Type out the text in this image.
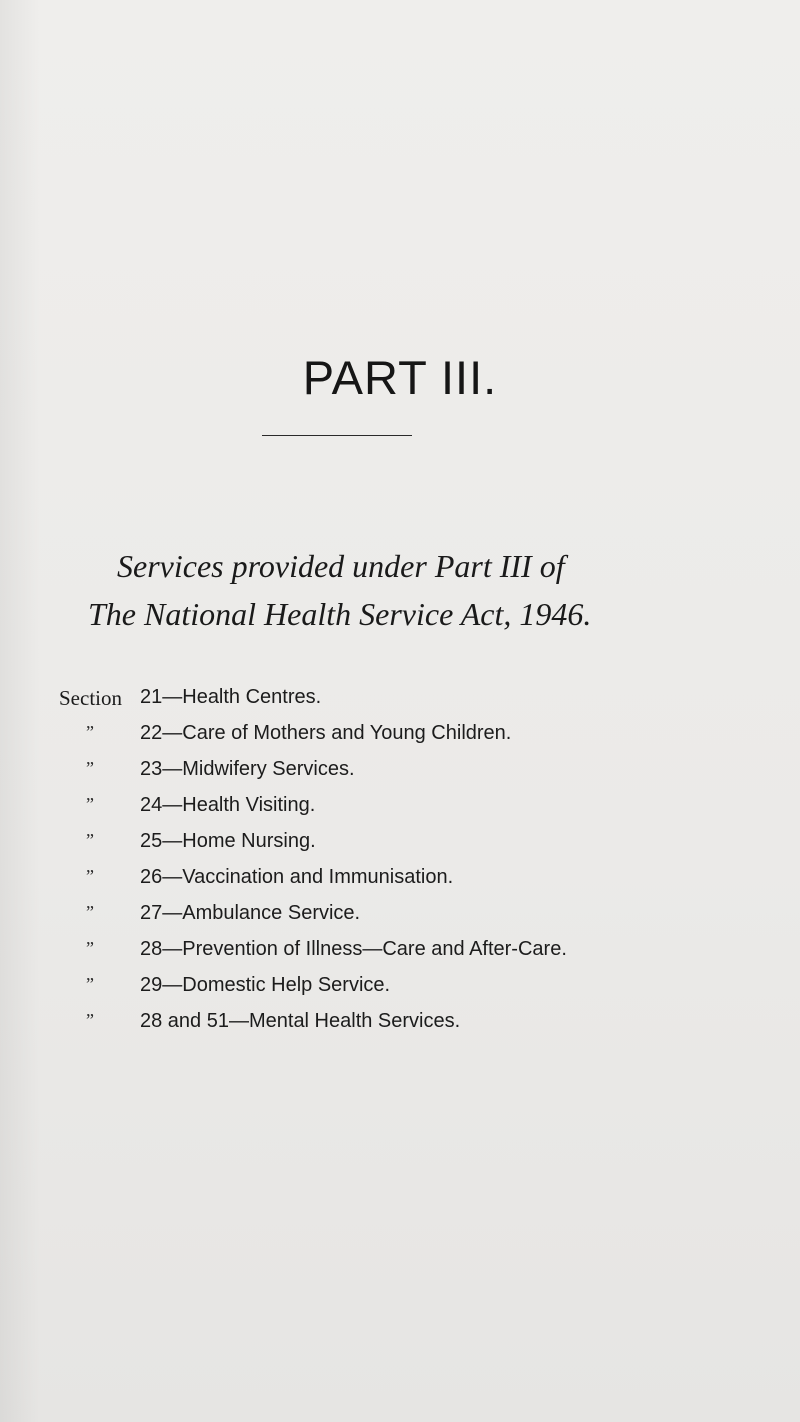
PART III.
Services provided under Part III of
The National Health Service Act, 1946.
Section 21—Health Centres.
” 22—Care of Mothers and Young Children.
” 23—Midwifery Services.
” 24—Health Visiting.
” 25—Home Nursing.
” 26—Vaccination and Immunisation.
” 27—Ambulance Service.
” 28—Prevention of Illness—Care and After-Care.
” 29—Domestic Help Service.
” 28 and 51—Mental Health Services.
